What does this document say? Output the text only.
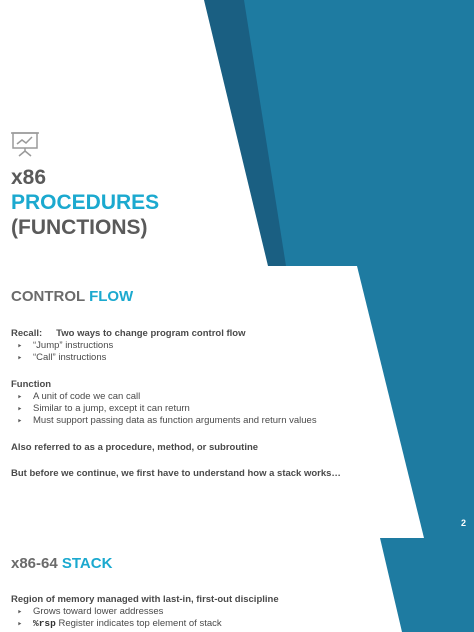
x86
PROCEDURES
(FUNCTIONS)
CONTROL FLOW
Recall: Two ways to change program control flow
‣ “Jump” instructions
‣ “Call” instructions
Function
‣ A unit of code we can call
‣ Similar to a jump, except it can return
‣ Must support passing data as function arguments and return values
Also referred to as a procedure, method, or subroutine
But before we continue, we first have to understand how a stack works…
2
x86-64 STACK
Region of memory managed with last-in, first-out discipline
‣ Grows toward lower addresses
‣ %rsp Register indicates top element of stack
